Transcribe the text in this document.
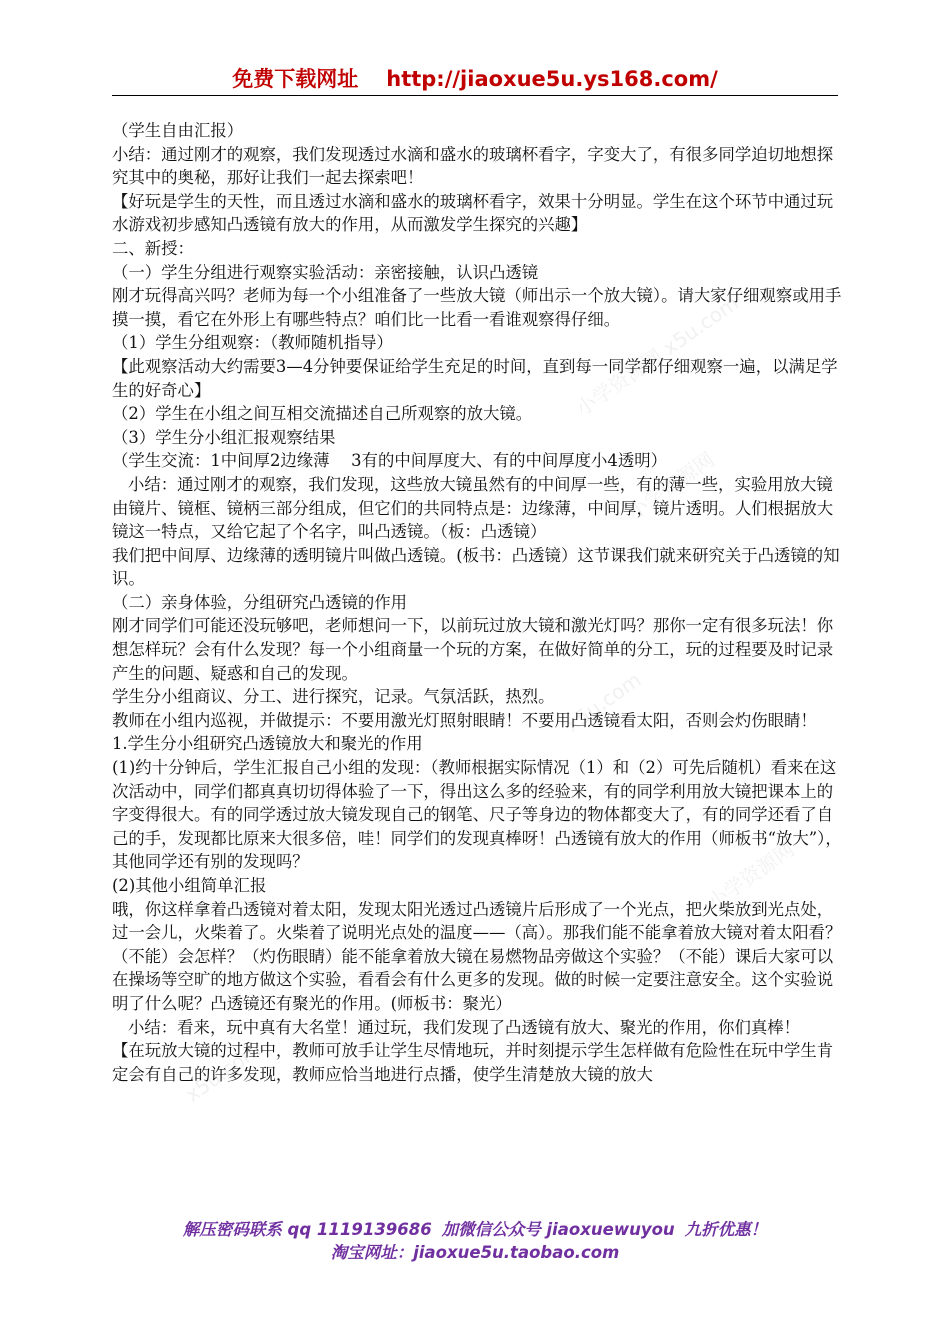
免费下载网址 http://jiaoxue5u.ys168.com/
小学资源网 x5u.com
小学资源网
x5u.com
小学资源网
x5u.com

（学生自由汇报）

小结：通过刚才的观察，我们发现透过水滴和盛水的玻璃杯看字，字变大了，有很多同学迫切地想探究其中的奥秘，那好让我们一起去探索吧！

【好玩是学生的天性，而且透过水滴和盛水的玻璃杯看字，效果十分明显。学生在这个环节中通过玩水游戏初步感知凸透镜有放大的作用，从而激发学生探究的兴趣】

二、新授：

（一）学生分组进行观察实验活动：亲密接触，认识凸透镜

刚才玩得高兴吗？老师为每一个小组准备了一些放大镜（师出示一个放大镜）。请大家仔细观察或用手摸一摸，看它在外形上有哪些特点？咱们比一比看一看谁观察得仔细。

（1）学生分组观察：（教师随机指导）

【此观察活动大约需要3—4分钟要保证给学生充足的时间，直到每一同学都仔细观察一遍，以满足学生的好奇心】

（2）学生在小组之间互相交流描述自己所观察的放大镜。

（3）学生分小组汇报观察结果

（学生交流：1中间厚2边缘薄　 3有的中间厚度大、有的中间厚度小4透明）

小结：通过刚才的观察，我们发现，这些放大镜虽然有的中间厚一些，有的薄一些，实验用放大镜由镜片、镜框、镜柄三部分组成，但它们的共同特点是：边缘薄，中间厚，镜片透明。人们根据放大镜这一特点，又给它起了个名字，叫凸透镜。（板：凸透镜）

我们把中间厚、边缘薄的透明镜片叫做凸透镜。(板书：凸透镜）这节课我们就来研究关于凸透镜的知识。

（二）亲身体验，分组研究凸透镜的作用

刚才同学们可能还没玩够吧，老师想问一下，以前玩过放大镜和激光灯吗？那你一定有很多玩法！你想怎样玩？会有什么发现？每一个小组商量一个玩的方案，在做好简单的分工，玩的过程要及时记录产生的问题、疑惑和自己的发现。

学生分小组商议、分工、进行探究，记录。气氛活跃，热烈。

教师在小组内巡视，并做提示：不要用激光灯照射眼睛！不要用凸透镜看太阳，否则会灼伤眼睛！

1.学生分小组研究凸透镜放大和聚光的作用

(1)约十分钟后，学生汇报自己小组的发现：（教师根据实际情况（1）和（2）可先后随机）看来在这次活动中，同学们都真真切切得体验了一下，得出这么多的经验来，有的同学利用放大镜把课本上的字变得很大。有的同学透过放大镜发现自己的钢笔、尺子等身边的物体都变大了，有的同学还看了自己的手，发现都比原来大很多倍，哇！同学们的发现真棒呀！凸透镜有放大的作用（师板书“放大”），其他同学还有别的发现吗？

(2)其他小组简单汇报

哦，你这样拿着凸透镜对着太阳，发现太阳光透过凸透镜片后形成了一个光点，把火柴放到光点处，过一会儿，火柴着了。火柴着了说明光点处的温度——（高）。那我们能不能拿着放大镜对着太阳看？（不能）会怎样？（灼伤眼睛）能不能拿着放大镜在易燃物品旁做这个实验？（不能）课后大家可以在操场等空旷的地方做这个实验，看看会有什么更多的发现。做的时候一定要注意安全。这个实验说明了什么呢？凸透镜还有聚光的作用。(师板书：聚光）

小结：看来，玩中真有大名堂！通过玩，我们发现了凸透镜有放大、聚光的作用，你们真棒！

【在玩放大镜的过程中，教师可放手让学生尽情地玩，并时刻提示学生怎样做有危险性在玩中学生肯定会有自己的许多发现，教师应恰当地进行点播，使学生清楚放大镜的放大

解压密码联系 qq 1119139686 加微信公众号 jiaoxuewuyou 九折优惠！
淘宝网址：jiaoxue5u.taobao.com
